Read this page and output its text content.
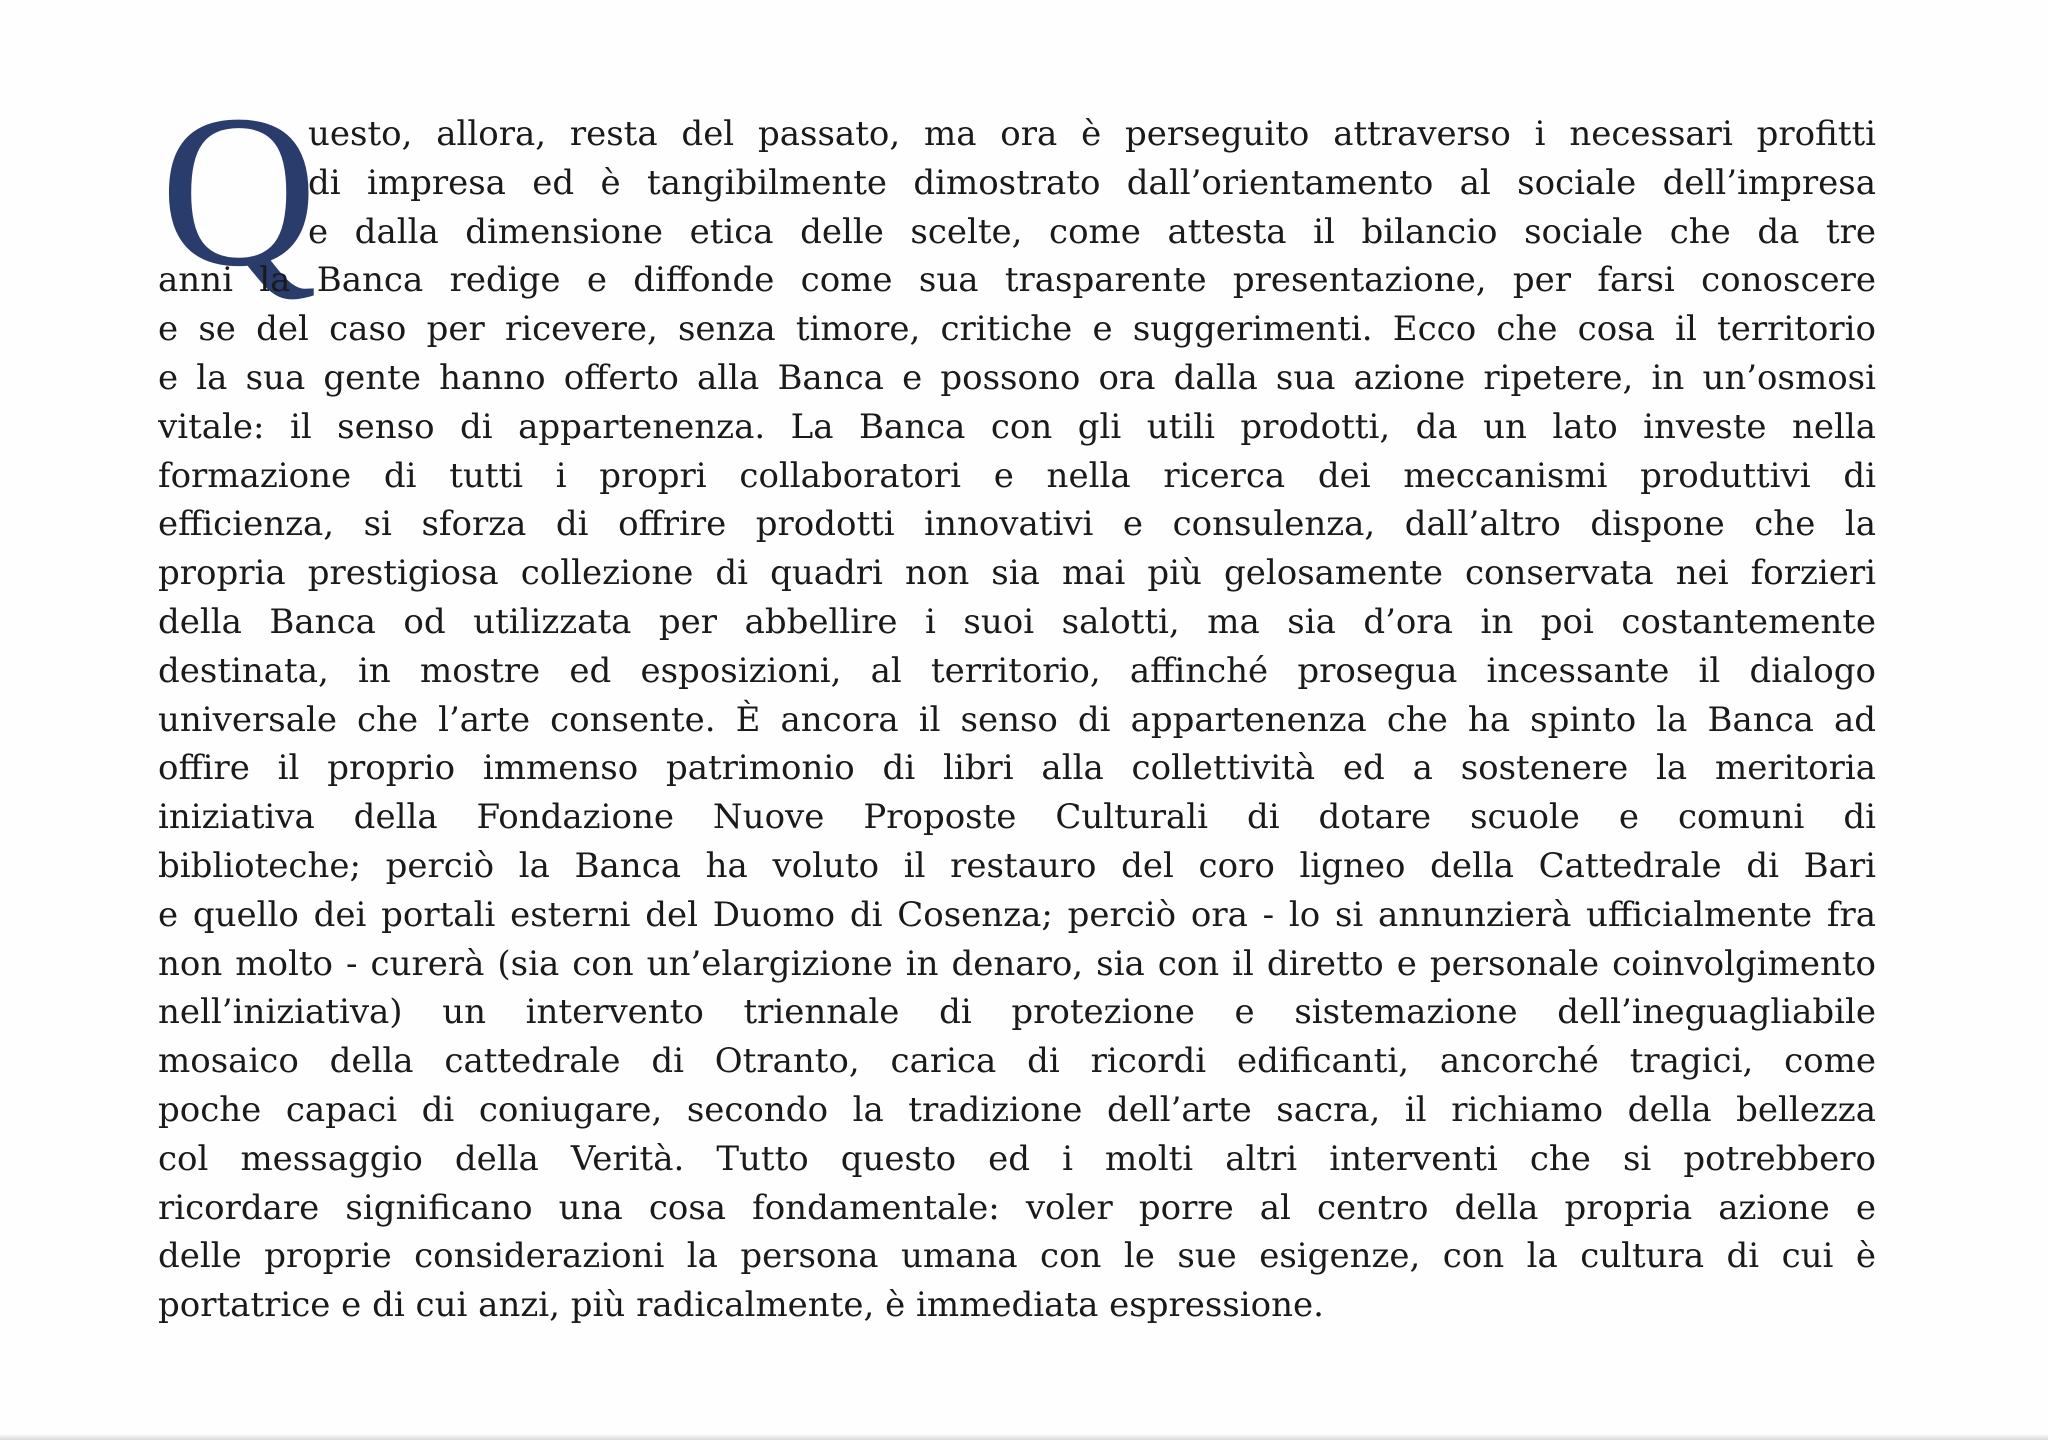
Q
uesto, allora, resta del passato, ma ora è perseguito attraverso i necessari profitti
di impresa ed è tangibilmente dimostrato dall’orientamento al sociale dell’impresa
e dalla dimensione etica delle scelte, come attesta il bilancio sociale che da tre
anni la Banca redige e diffonde come sua trasparente presentazione, per farsi conoscere
e se del caso per ricevere, senza timore, critiche e suggerimenti. Ecco che cosa il territorio
e la sua gente hanno offerto alla Banca e possono ora dalla sua azione ripetere, in un’osmosi
vitale: il senso di appartenenza. La Banca con gli utili prodotti, da un lato investe nella
formazione di tutti i propri collaboratori e nella ricerca dei meccanismi produttivi di
efficienza, si sforza di offrire prodotti innovativi e consulenza, dall’altro dispone che la
propria prestigiosa collezione di quadri non sia mai più gelosamente conservata nei forzieri
della Banca od utilizzata per abbellire i suoi salotti, ma sia d’ora in poi costantemente
destinata, in mostre ed esposizioni, al territorio, affinché prosegua incessante il dialogo
universale che l’arte consente. È ancora il senso di appartenenza che ha spinto la Banca ad
offire il proprio immenso patrimonio di libri alla collettività ed a sostenere la meritoria
iniziativa della Fondazione Nuove Proposte Culturali di dotare scuole e comuni di
biblioteche; perciò la Banca ha voluto il restauro del coro ligneo della Cattedrale di Bari
e quello dei portali esterni del Duomo di Cosenza; perciò ora - lo si annunzierà ufficialmente fra
non molto - curerà (sia con un’elargizione in denaro, sia con il diretto e personale coinvolgimento
nell’iniziativa) un intervento triennale di protezione e sistemazione dell’ineguagliabile
mosaico della cattedrale di Otranto, carica di ricordi edificanti, ancorché tragici, come
poche capaci di coniugare, secondo la tradizione dell’arte sacra, il richiamo della bellezza
col messaggio della Verità. Tutto questo ed i molti altri interventi che si potrebbero
ricordare significano una cosa fondamentale: voler porre al centro della propria azione e
delle proprie considerazioni la persona umana con le sue esigenze, con la cultura di cui è
portatrice e di cui anzi, più radicalmente, è immediata espressione.
